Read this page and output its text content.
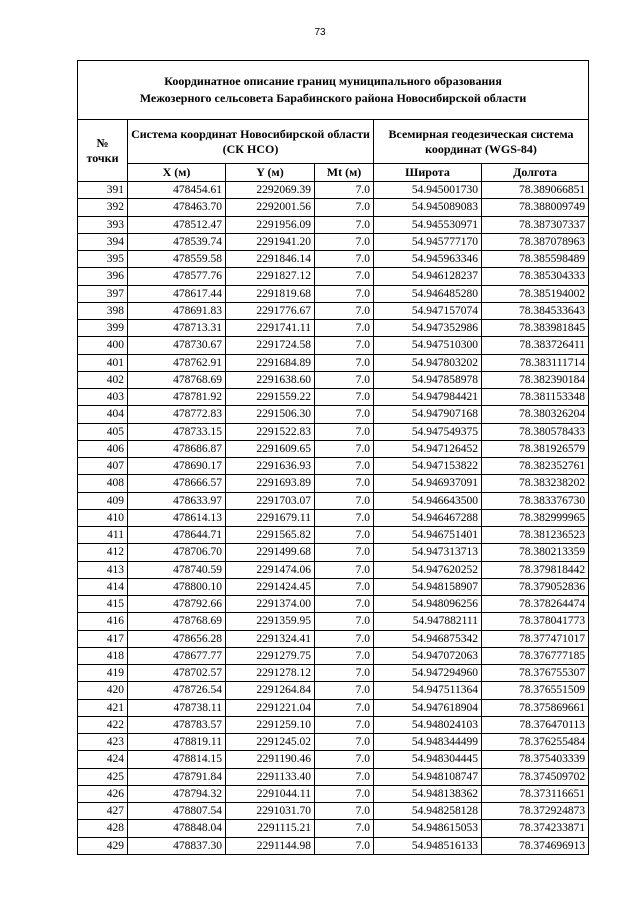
73
Координатное описание границ муниципального образования
Межозерного сельсовета Барабинского района Новосибирской области					

№
точки	Система координат Новосибирской области (СК НСО)			Всемирная геодезическая система координат (WGS-84)	
	X (м)	Y (м)	Mt (м)	Широта	Долгота
391	478454.61	2292069.39	7.0	54.945001730	78.389066851
392	478463.70	2292001.56	7.0	54.945089083	78.388009749
393	478512.47	2291956.09	7.0	54.945530971	78.387307337
394	478539.74	2291941.20	7.0	54.945777170	78.387078963
395	478559.58	2291846.14	7.0	54.945963346	78.385598489
396	478577.76	2291827.12	7.0	54.946128237	78.385304333
397	478617.44	2291819.68	7.0	54.946485280	78.385194002
398	478691.83	2291776.67	7.0	54.947157074	78.384533643
399	478713.31	2291741.11	7.0	54.947352986	78.383981845
400	478730.67	2291724.58	7.0	54.947510300	78.383726411
401	478762.91	2291684.89	7.0	54.947803202	78.383111714
402	478768.69	2291638.60	7.0	54.947858978	78.382390184
403	478781.92	2291559.22	7.0	54.947984421	78.381153348
404	478772.83	2291506.30	7.0	54.947907168	78.380326204
405	478733.15	2291522.83	7.0	54.947549375	78.380578433
406	478686.87	2291609.65	7.0	54.947126452	78.381926579
407	478690.17	2291636.93	7.0	54.947153822	78.382352761
408	478666.57	2291693.89	7.0	54.946937091	78.383238202
409	478633.97	2291703.07	7.0	54.946643500	78.383376730
410	478614.13	2291679.11	7.0	54.946467288	78.382999965
411	478644.71	2291565.82	7.0	54.946751401	78.381236523
412	478706.70	2291499.68	7.0	54.947313713	78.380213359
413	478740.59	2291474.06	7.0	54.947620252	78.379818442
414	478800.10	2291424.45	7.0	54.948158907	78.379052836
415	478792.66	2291374.00	7.0	54.948096256	78.378264474
416	478768.69	2291359.95	7.0	54.947882111	78.378041773
417	478656.28	2291324.41	7.0	54.946875342	78.377471017
418	478677.77	2291279.75	7.0	54.947072063	78.376777185
419	478702.57	2291278.12	7.0	54.947294960	78.376755307
420	478726.54	2291264.84	7.0	54.947511364	78.376551509
421	478738.11	2291221.04	7.0	54.947618904	78.375869661
422	478783.57	2291259.10	7.0	54.948024103	78.376470113
423	478819.11	2291245.02	7.0	54.948344499	78.376255484
424	478814.15	2291190.46	7.0	54.948304445	78.375403339
425	478791.84	2291133.40	7.0	54.948108747	78.374509702
426	478794.32	2291044.11	7.0	54.948138362	78.373116651
427	478807.54	2291031.70	7.0	54.948258128	78.372924873
428	478848.04	2291115.21	7.0	54.948615053	78.374233871
429	478837.30	2291144.98	7.0	54.948516133	78.374696913
